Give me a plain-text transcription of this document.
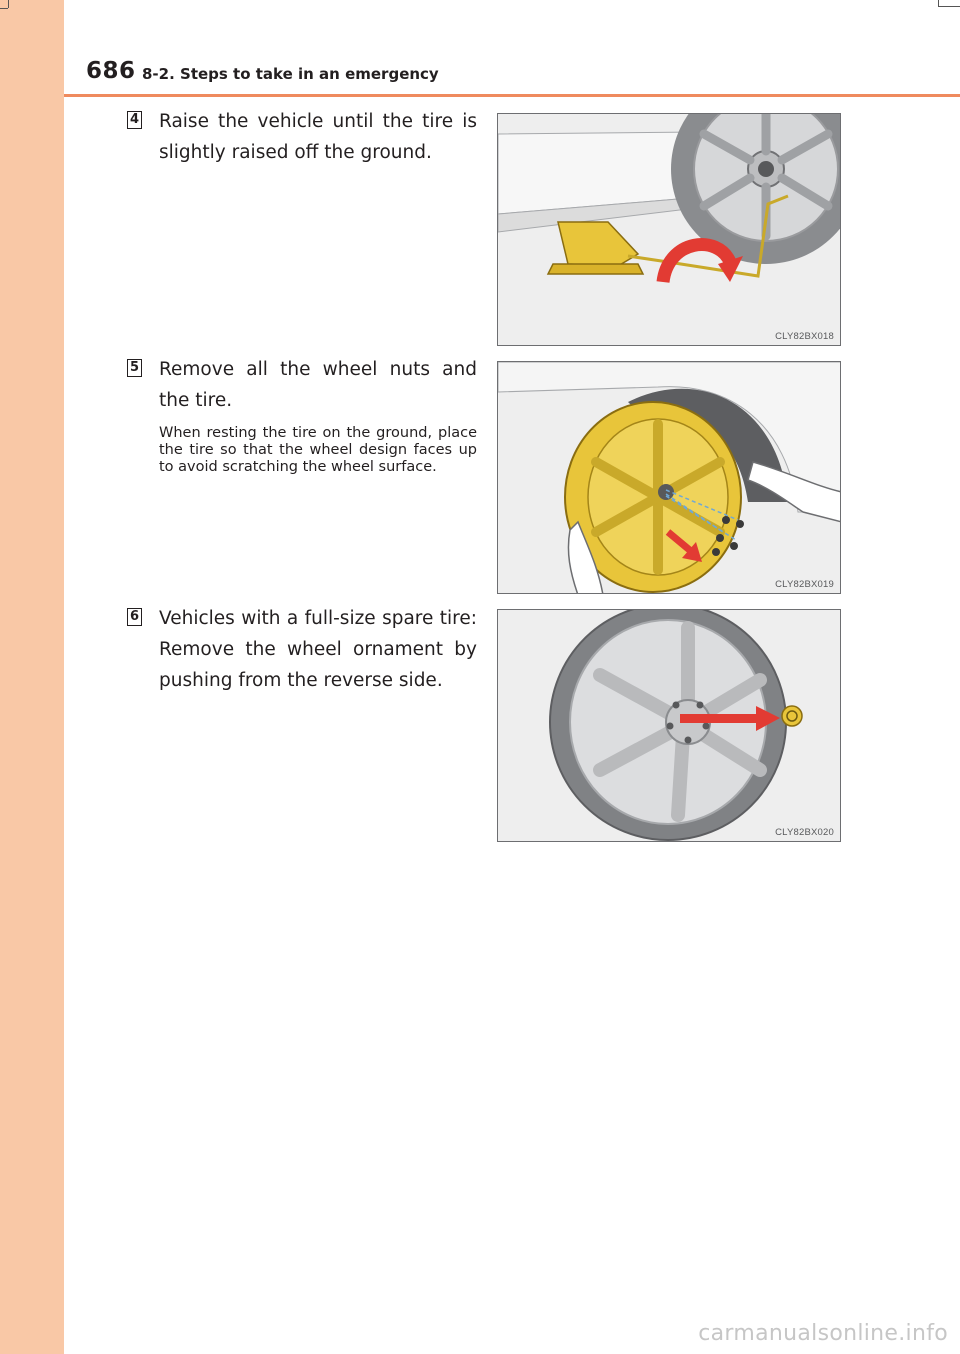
686 8-2. Steps to take in an emergency
4 Raise the vehicle until the tire is slightly raised off the ground.
CLY82BX018
5 Remove all the wheel nuts and the tire.
When resting the tire on the ground, place the tire so that the wheel design faces up to avoid scratching the wheel surface.
CLY82BX019
6 Vehicles with a full-size spare tire: Remove the wheel ornament by pushing from the reverse side.
CLY82BX020
carmanualsonline.info
